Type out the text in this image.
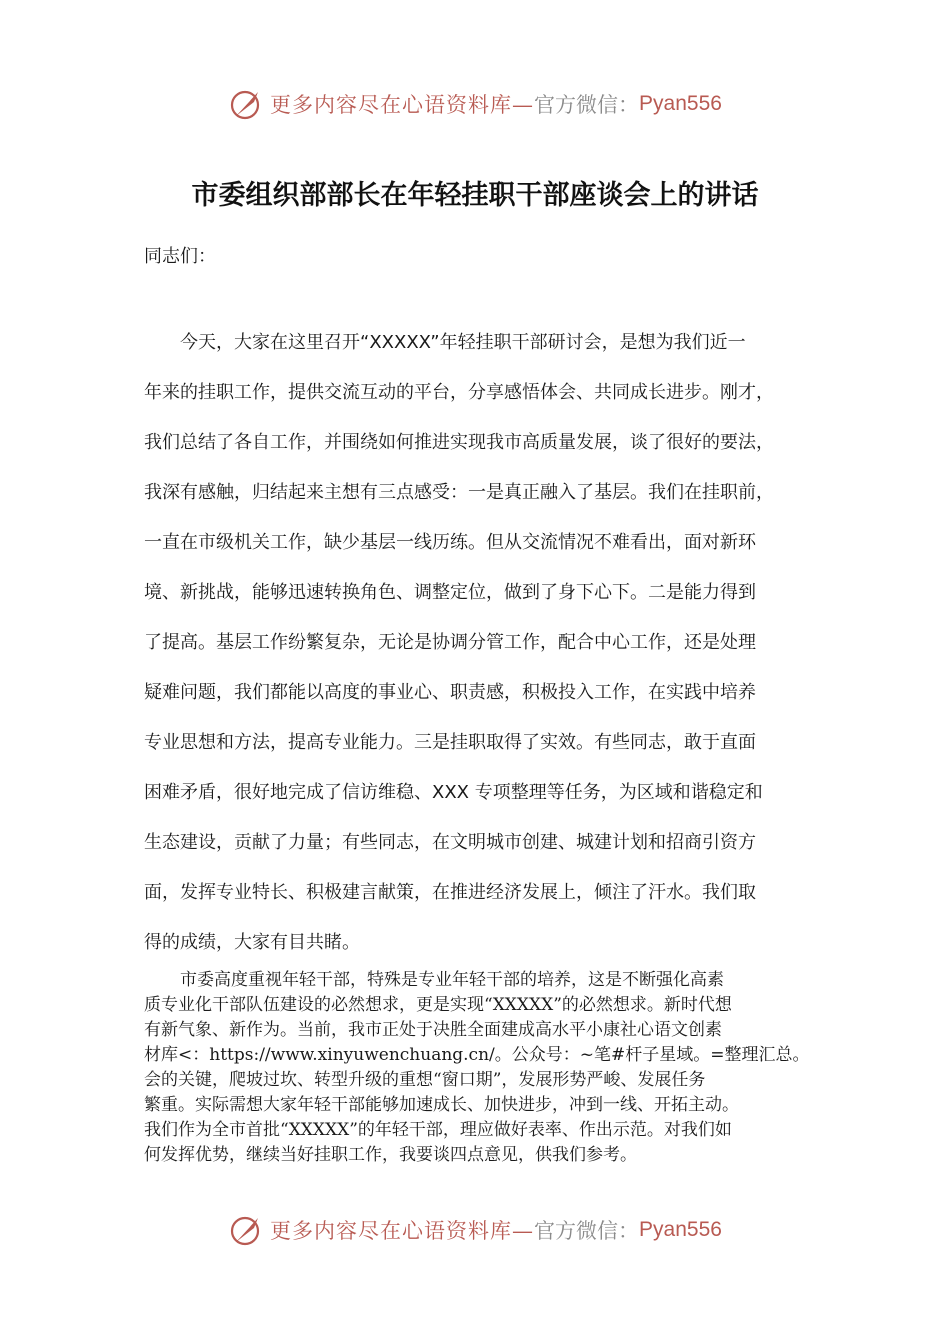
更多内容尽在心语资料库— 官方微信： Pyan556
市委组织部部长在年轻挂职干部座谈会上的讲话

同志们：

今天，大家在这里召开“XXXXX”年轻挂职干部研讨会，是想为我们近一
年来的挂职工作，提供交流互动的平台，分享感悟体会、共同成长进步。刚才，
我们总结了各自工作，并围绕如何推进实现我市高质量发展，谈了很好的要法，
我深有感触，归结起来主想有三点感受：一是真正融入了基层。我们在挂职前，
一直在市级机关工作，缺少基层一线历练。但从交流情况不难看出，面对新环
境、新挑战，能够迅速转换角色、调整定位，做到了身下心下。二是能力得到
了提高。基层工作纷繁复杂，无论是协调分管工作，配合中心工作，还是处理
疑难问题，我们都能以高度的事业心、职责感，积极投入工作，在实践中培养
专业思想和方法，提高专业能力。三是挂职取得了实效。有些同志，敢于直面
困难矛盾，很好地完成了信访维稳、XXX 专项整理等任务，为区域和谐稳定和
生态建设，贡献了力量；有些同志，在文明城市创建、城建计划和招商引资方
面，发挥专业特长、积极建言献策，在推进经济发展上，倾注了汗水。我们取
得的成绩，大家有目共睹。
市委高度重视年轻干部，特殊是专业年轻干部的培养，这是不断强化高素
质专业化干部队伍建设的必然想求，更是实现“XXXXX”的必然想求。新时代想
有新气象、新作为。当前，我市正处于决胜全面建成高水平小康社心语文创素
材库<：https://www.xinyuwenchuang.cn/。公众号：~笔#杆子星域。=整理汇总。
会的关键，爬坡过坎、转型升级的重想“窗口期”，发展形势严峻、发展任务
繁重。实际需想大家年轻干部能够加速成长、加快进步，冲到一线、开拓主动。
我们作为全市首批“XXXXX”的年轻干部，理应做好表率、作出示范。对我们如
何发挥优势，继续当好挂职工作，我要谈四点意见，供我们参考。
更多内容尽在心语资料库— 官方微信： Pyan556
